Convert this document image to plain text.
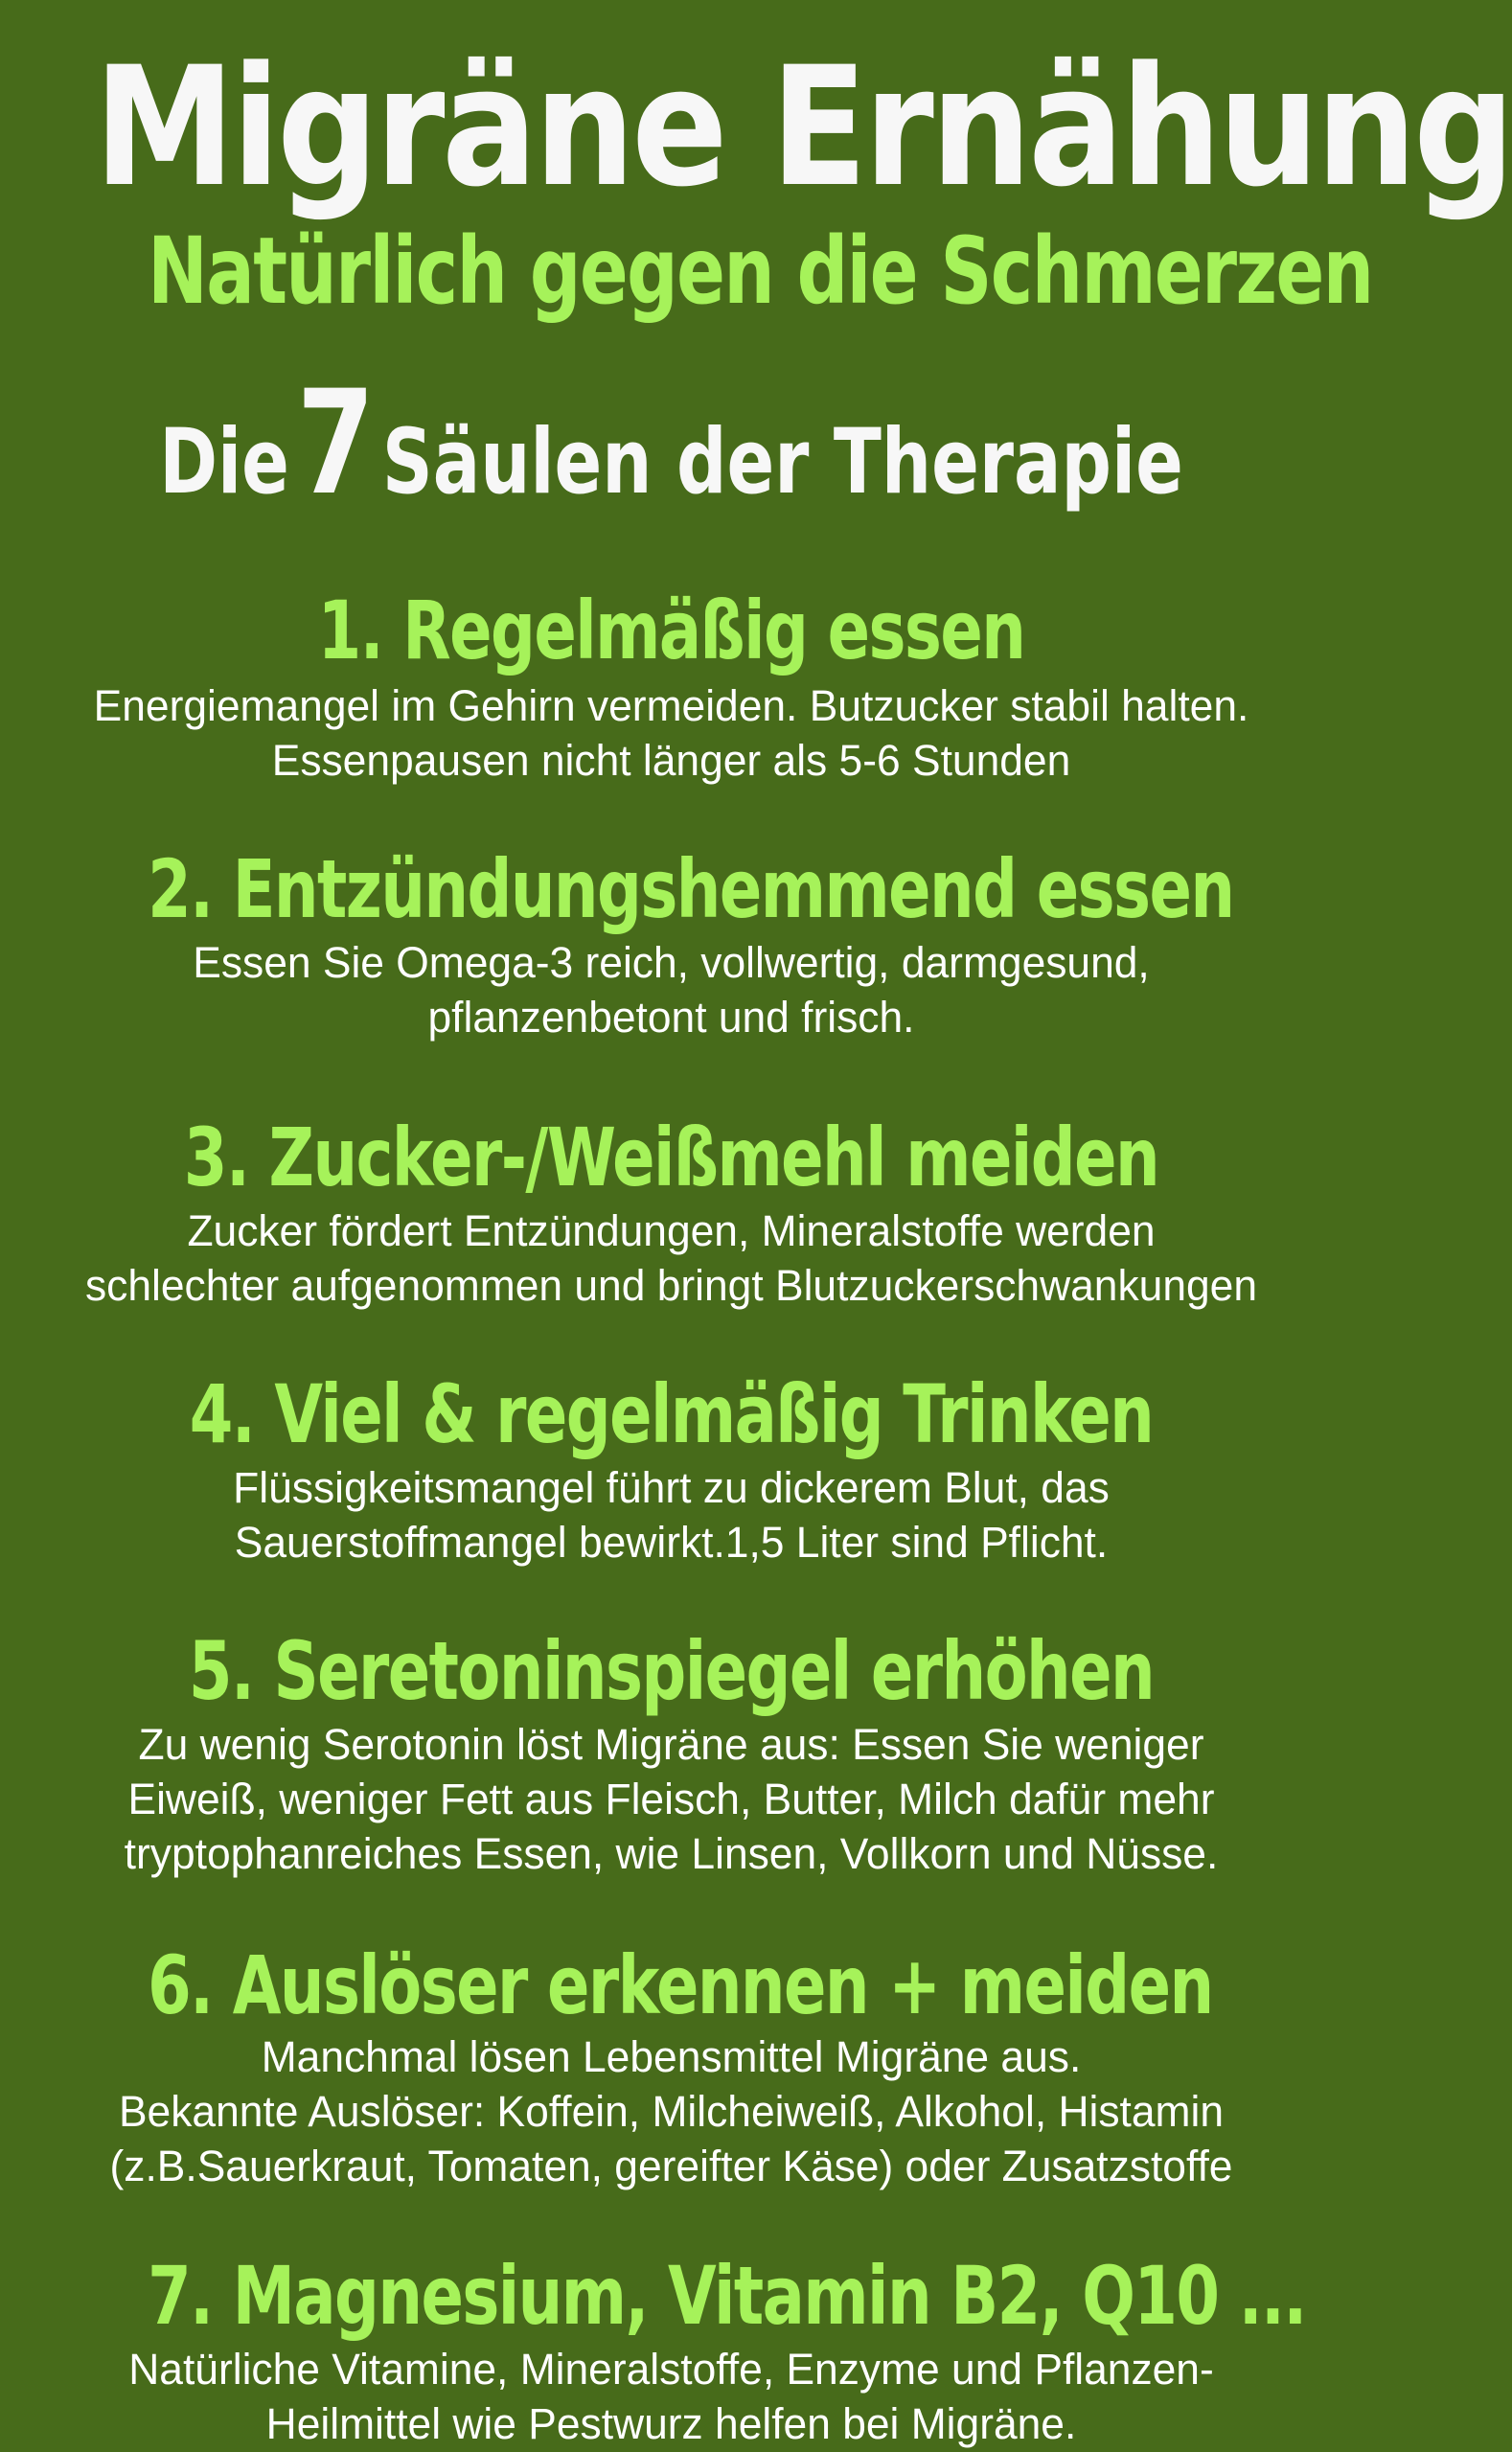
Migräne Ernähung
Natürlich gegen die Schmerzen
Die7Säulen der Therapie
1. Regelmäßig essen
Energiemangel im Gehirn vermeiden. Butzucker stabil halten.
Essenpausen nicht länger als 5-6 Stunden
2. Entzündungshemmend essen
Essen Sie Omega-3 reich, vollwertig, darmgesund,
pflanzenbetont und frisch.
3. Zucker-/Weißmehl meiden
Zucker fördert Entzündungen, Mineralstoffe werden
schlechter aufgenommen und bringt Blutzuckerschwankungen
4. Viel & regelmäßig Trinken
Flüssigkeitsmangel führt zu dickerem Blut, das
Sauerstoffmangel bewirkt.1,5 Liter sind Pflicht.
5. Seretoninspiegel erhöhen
Zu wenig Serotonin löst Migräne aus: Essen Sie weniger
Eiweiß, weniger Fett aus Fleisch, Butter, Milch dafür mehr
tryptophanreiches Essen, wie Linsen, Vollkorn und Nüsse.
6. Auslöser erkennen + meiden
Manchmal lösen Lebensmittel Migräne aus.
Bekannte Auslöser: Koffein, Milcheiweiß, Alkohol, Histamin
(z.B.Sauerkraut, Tomaten, gereifter Käse) oder Zusatzstoffe
7. Magnesium, Vitamin B2, Q10 ...
Natürliche Vitamine, Mineralstoffe, Enzyme und Pflanzen-
Heilmittel wie Pestwurz helfen bei Migräne.
